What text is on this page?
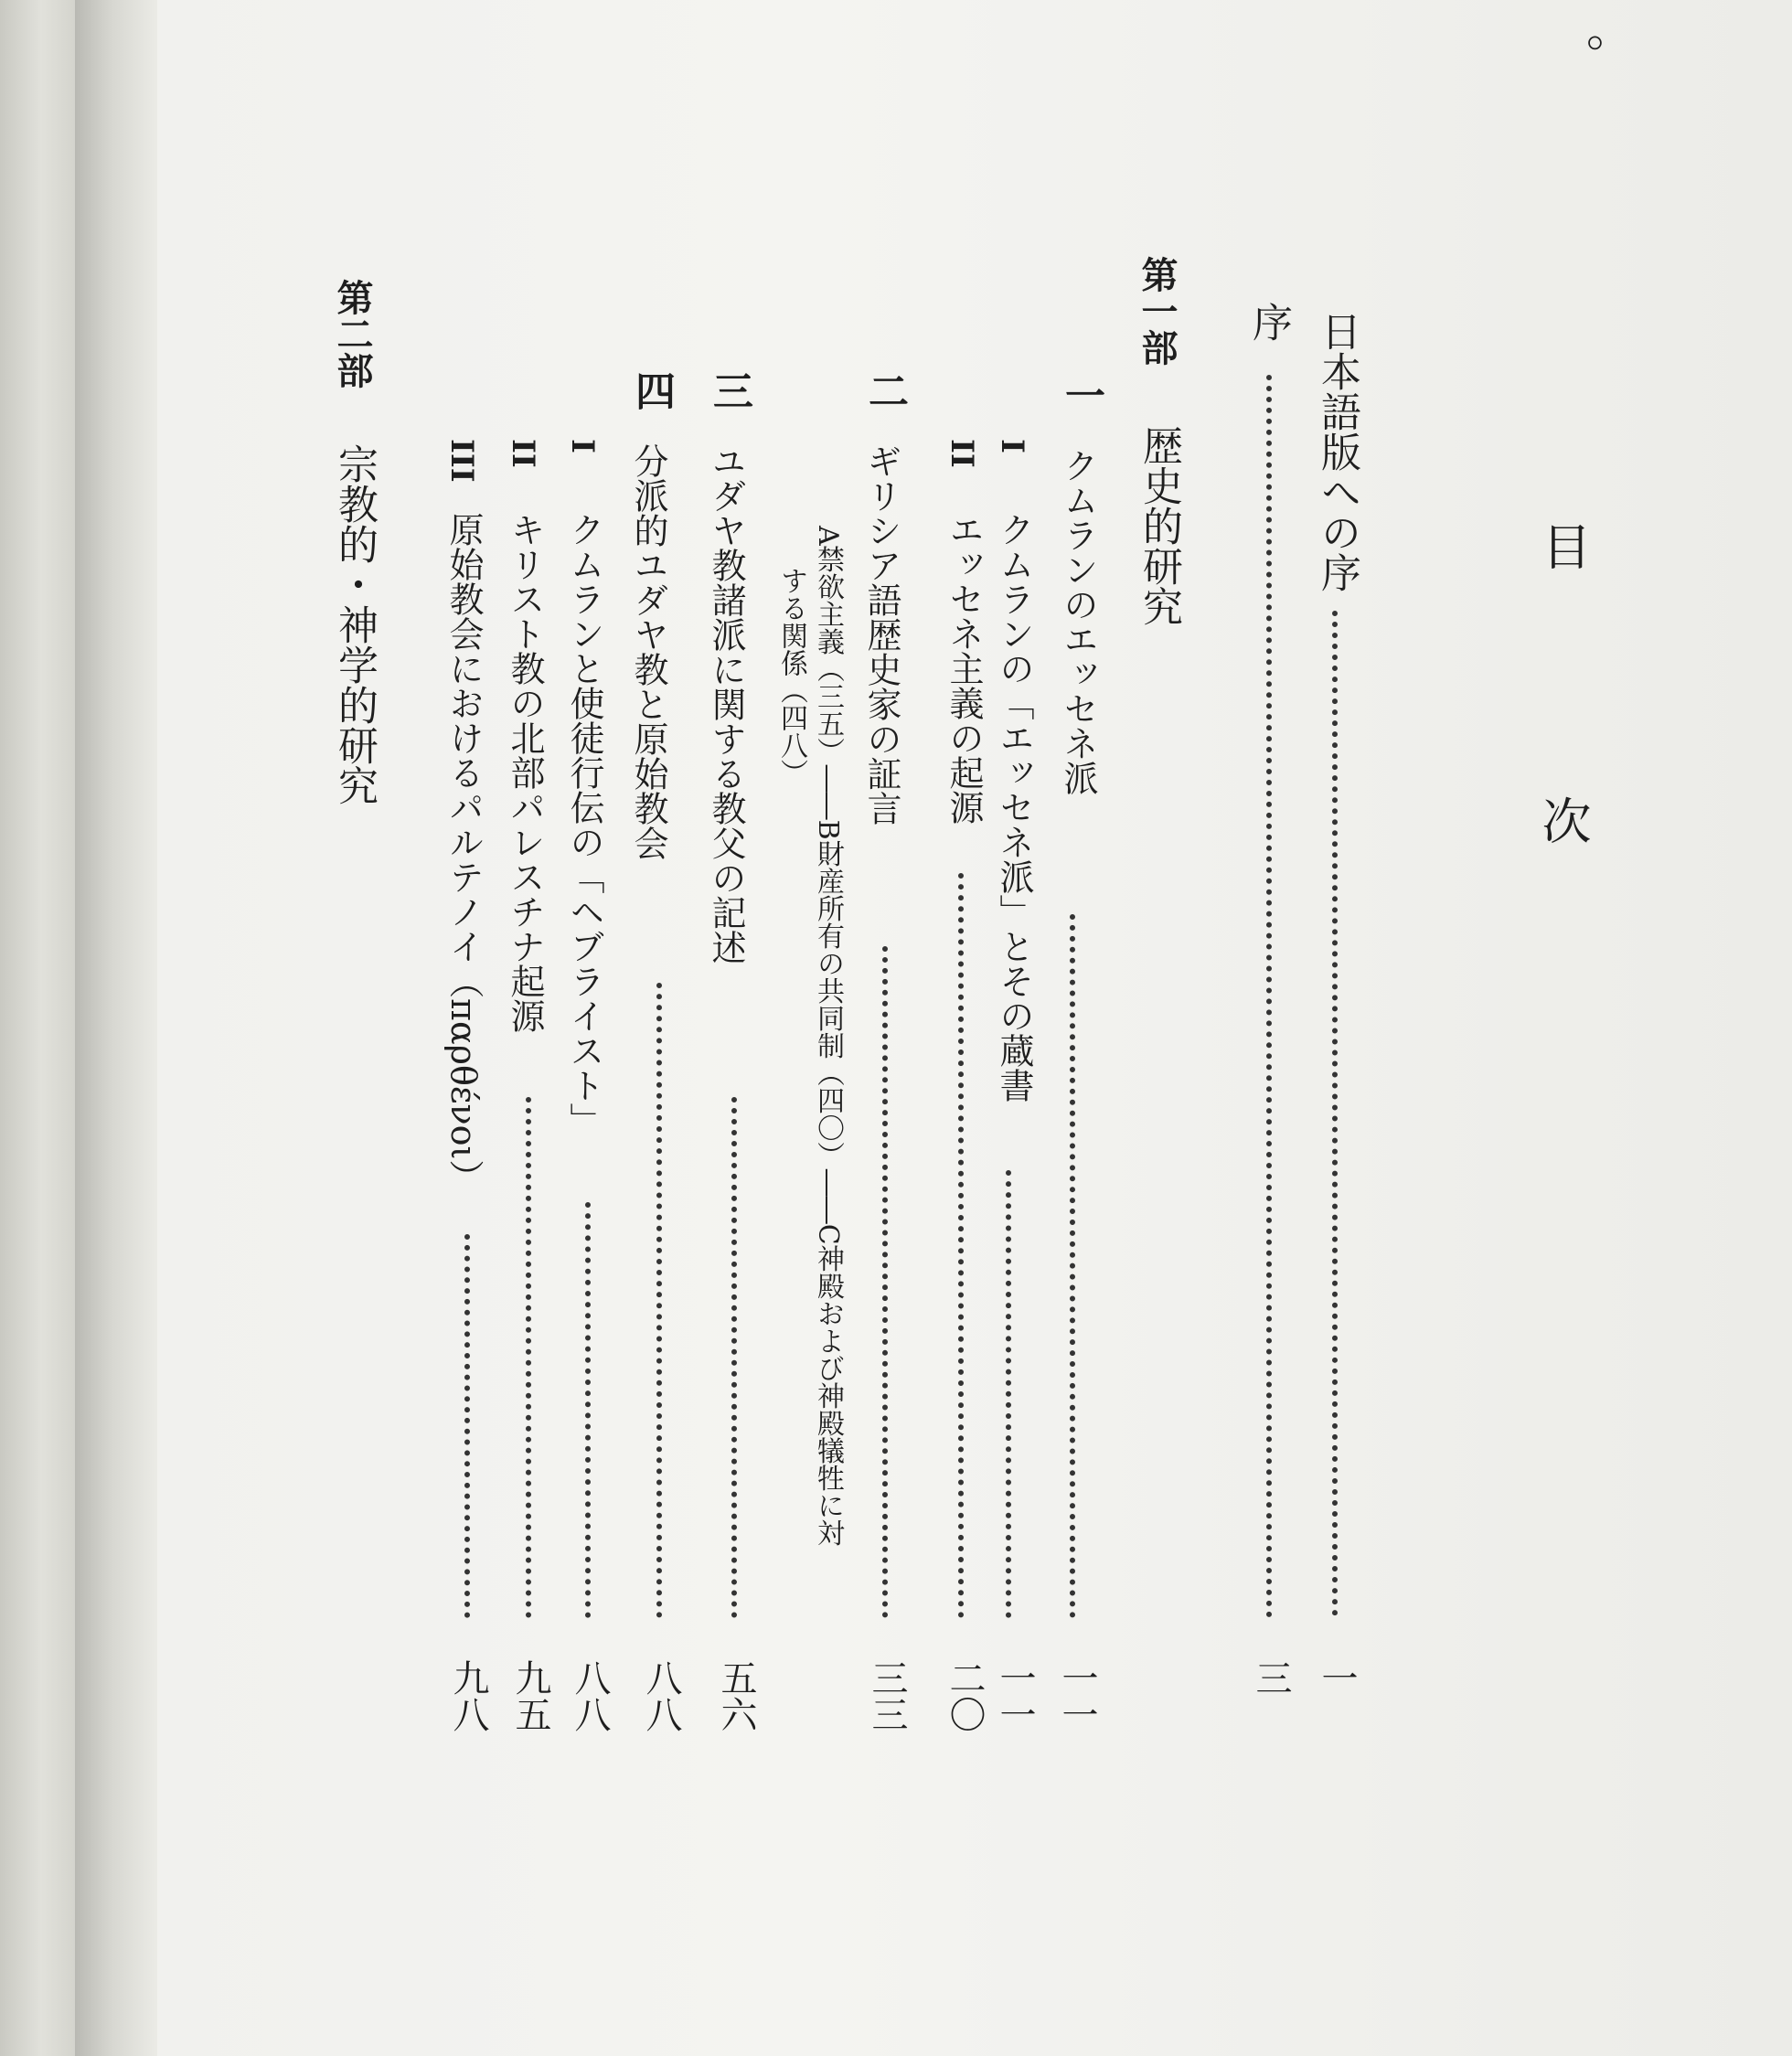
。
目
次
日本語版への序
一
序
三
第一部
歴史的研究
一
クムランのエッセネ派
一一
I
クムランの「エッセネ派」とその蔵書
一一
II
エッセネ主義の起源
二〇
二
ギリシア語歴史家の証言
三三
A禁欲主義（三五）――B財産所有の共同制（四〇）――C神殿および神殿犠牲に対
する関係（四八）
三
ユダヤ教諸派に関する教父の記述
五六
四
分派的ユダヤ教と原始教会
八八
I
クムランと使徒行伝の「ヘブライスト」
八八
II
キリスト教の北部パレスチナ起源
九五
III
原始教会におけるパルテノイ（παρθένοι）
九八
第二部
宗教的・神学的研究
